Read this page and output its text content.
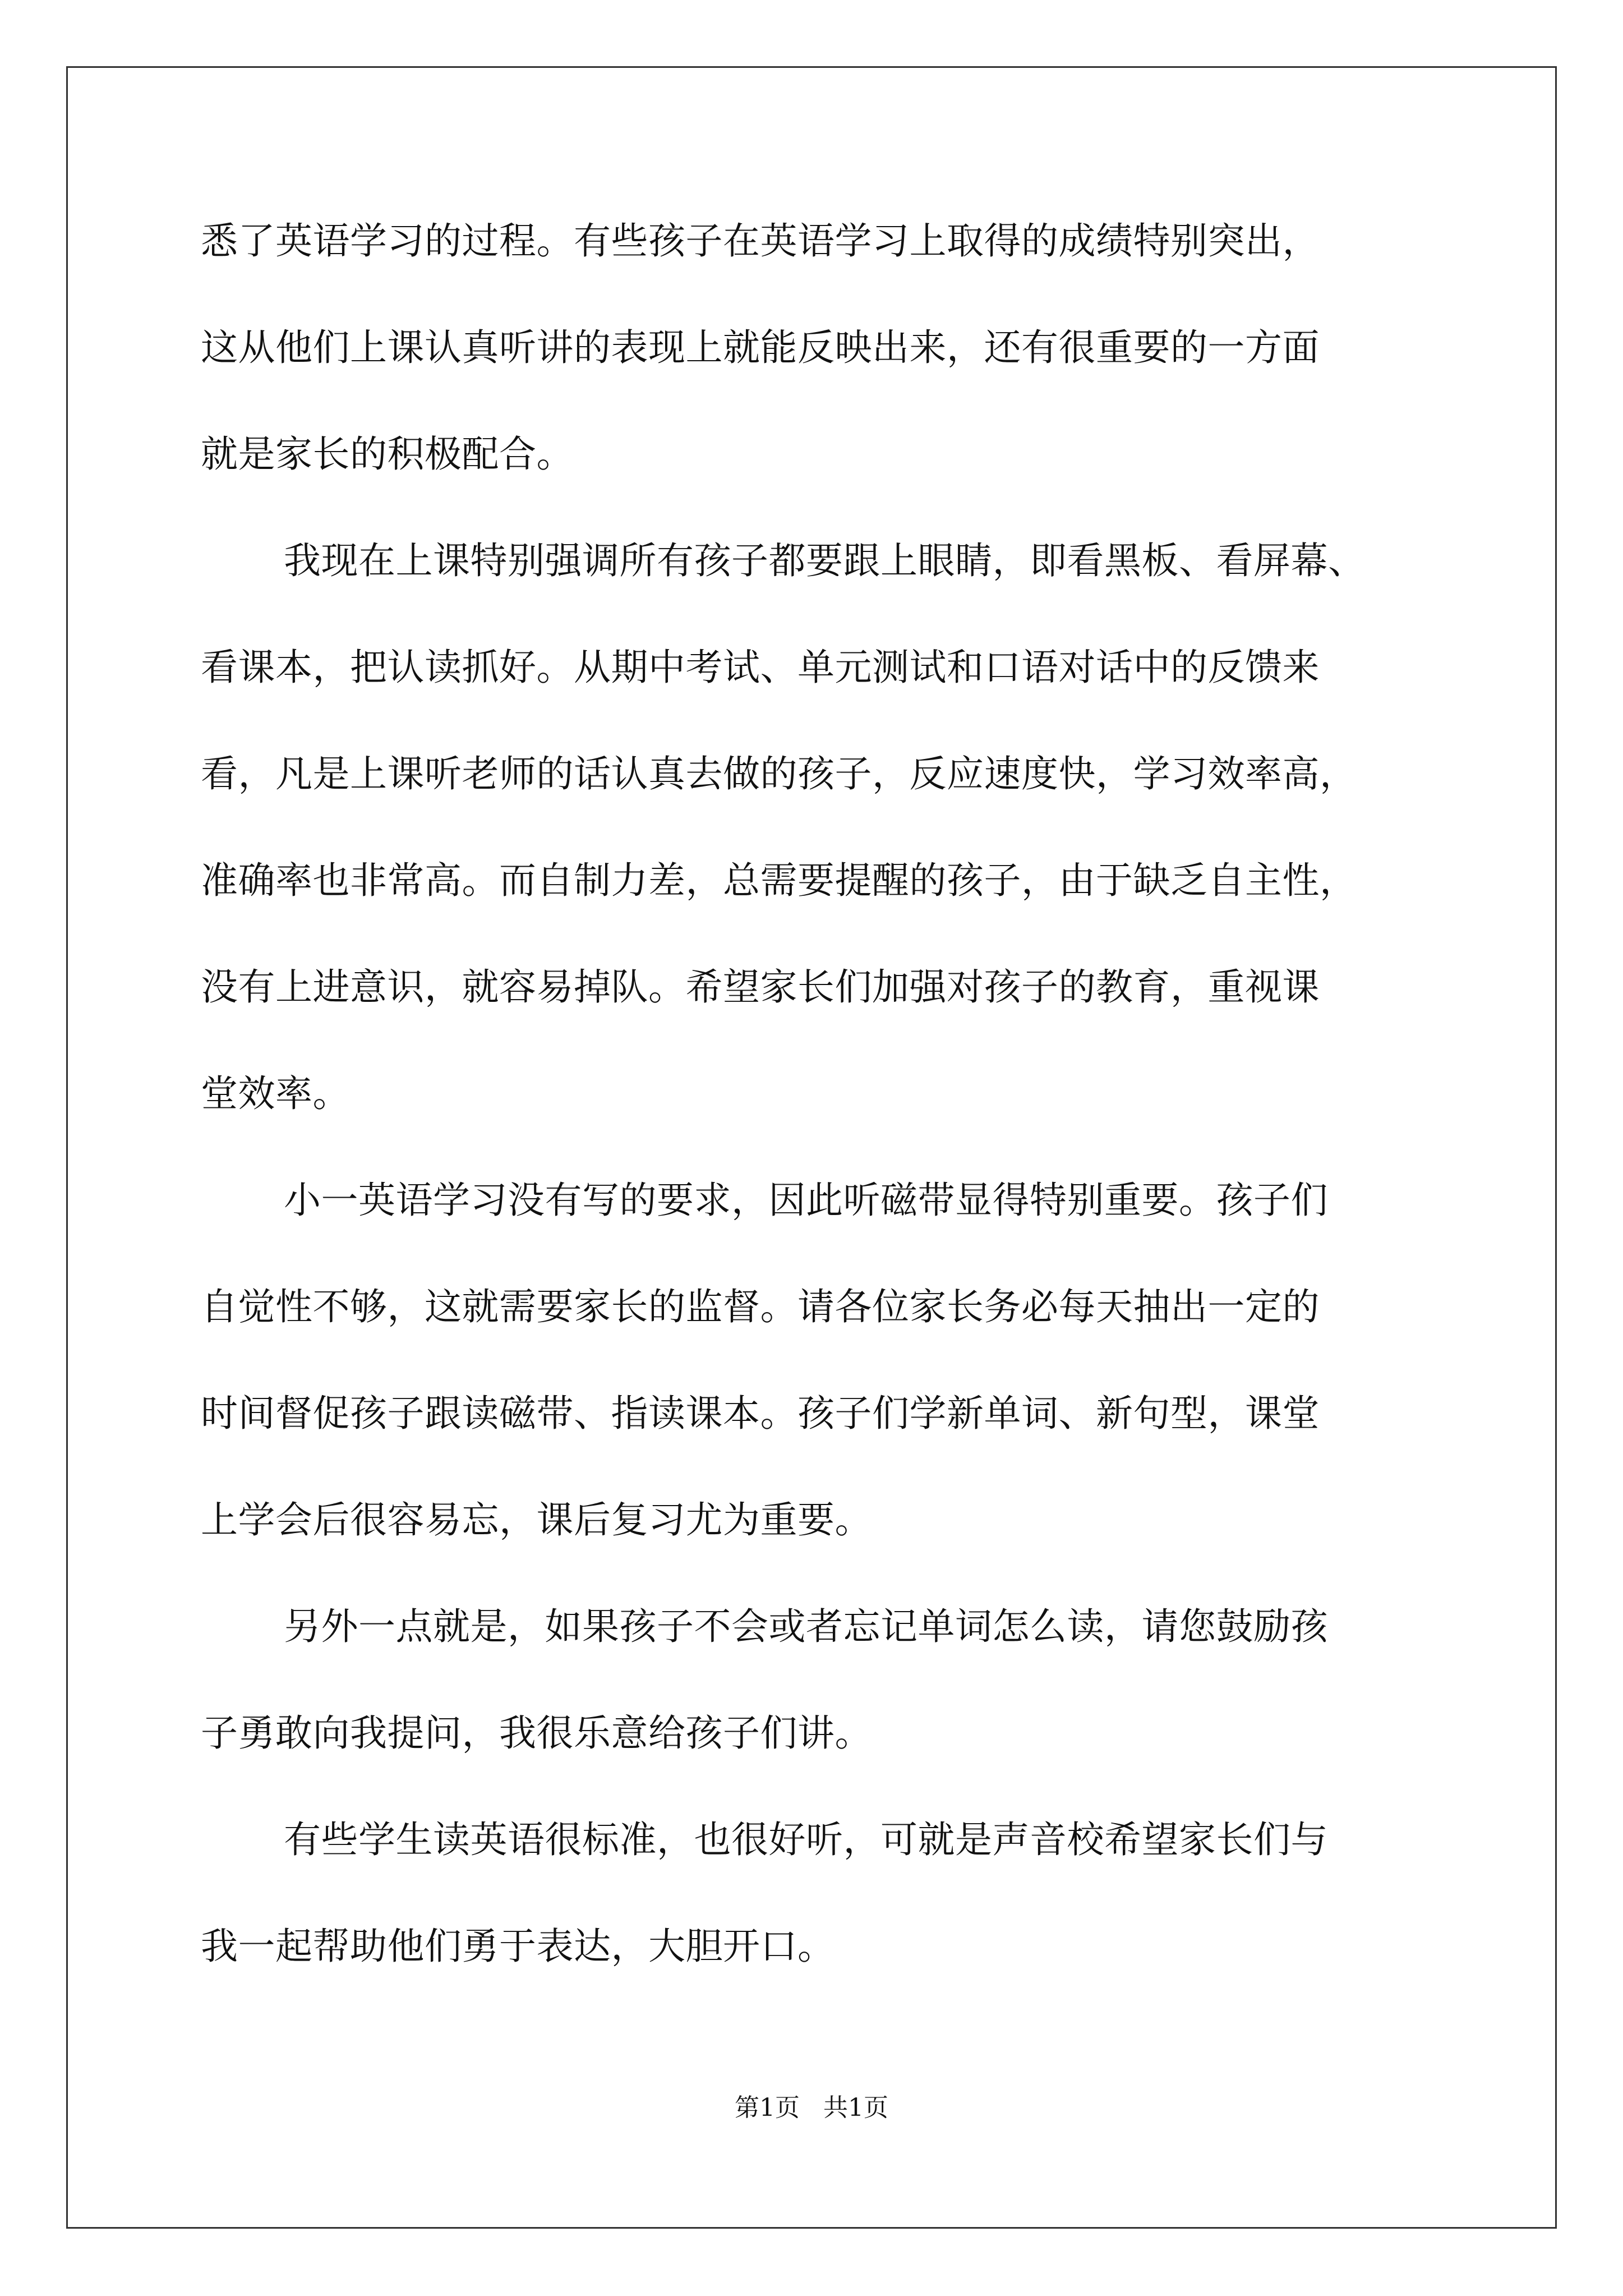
悉了英语学习的过程。有些孩子在英语学习上取得的成绩特别突出，
这从他们上课认真听讲的表现上就能反映出来，还有很重要的一方面
就是家长的积极配合。
我现在上课特别强调所有孩子都要跟上眼睛，即看黑板、看屏幕、
看课本，把认读抓好。从期中考试、单元测试和口语对话中的反馈来
看，凡是上课听老师的话认真去做的孩子，反应速度快，学习效率高，
准确率也非常高。而自制力差，总需要提醒的孩子，由于缺乏自主性，
没有上进意识，就容易掉队。希望家长们加强对孩子的教育，重视课
堂效率。
小一英语学习没有写的要求，因此听磁带显得特别重要。孩子们
自觉性不够，这就需要家长的监督。请各位家长务必每天抽出一定的
时间督促孩子跟读磁带、指读课本。孩子们学新单词、新句型，课堂
上学会后很容易忘，课后复习尤为重要。
另外一点就是，如果孩子不会或者忘记单词怎么读，请您鼓励孩
子勇敢向我提问，我很乐意给孩子们讲。
有些学生读英语很标准，也很好听，可就是声音校希望家长们与
我一起帮助他们勇于表达，大胆开口。
第1页   共1页
